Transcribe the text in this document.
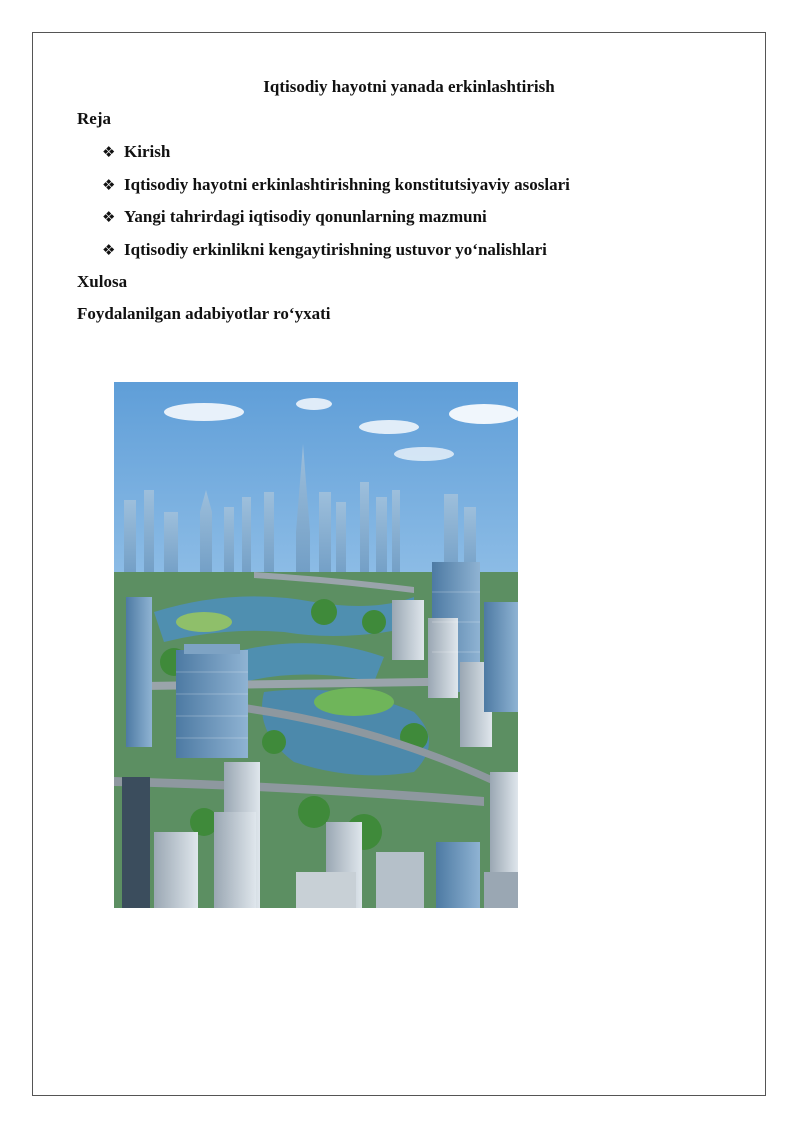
Iqtisodiy hayotni yanada erkinlashtirish
Reja
❖ Kirish
❖ Iqtisodiy hayotni erkinlashtirishning konstitutsiyaviy asoslari
❖ Yangi tahrirdagi iqtisodiy qonunlarning mazmuni
❖ Iqtisodiy erkinlikni kengaytirishning ustuvor yo‘nalishlari
Xulosa
Foydalanilgan adabiyotlar ro‘yxati
